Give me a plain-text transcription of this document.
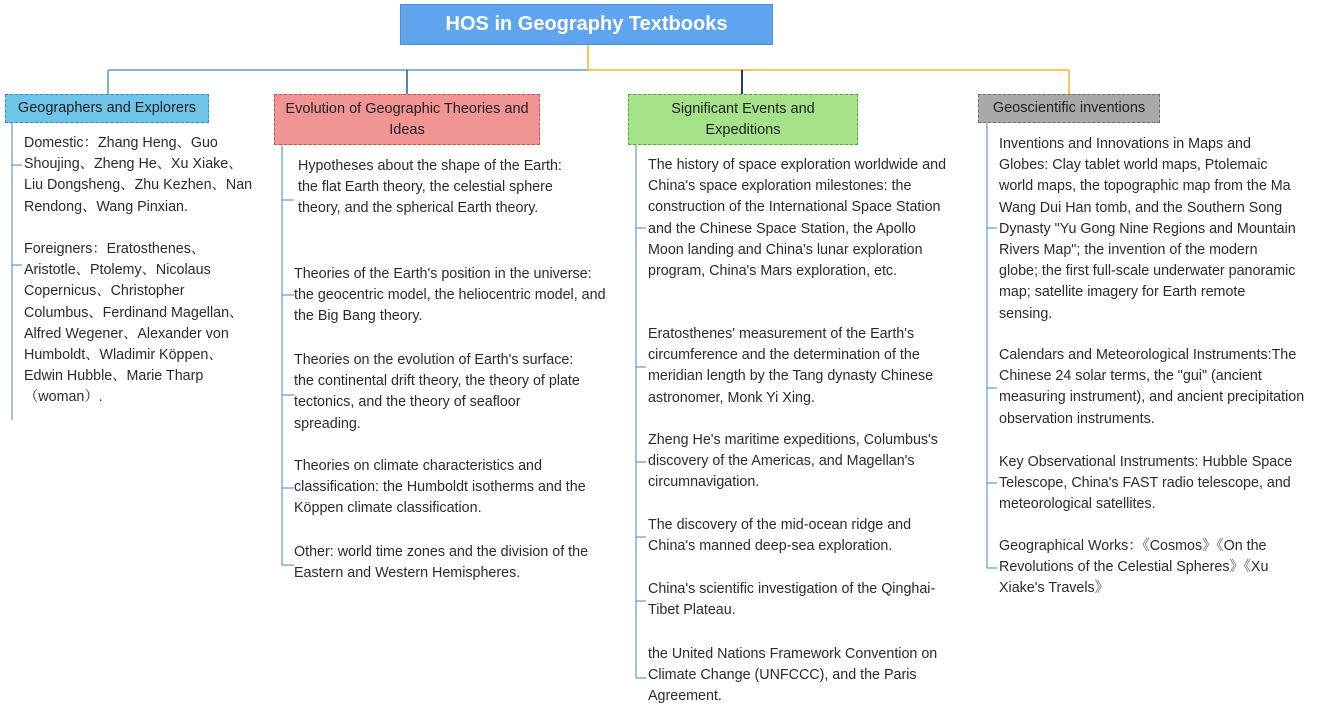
HOS in Geography Textbooks
Geographers and Explorers	Evolution of Geographic Theories and Ideas
Significant Events and Expeditions
Geoscientific inventions

Domestic：Zhang Heng、Guo Shoujing、Zheng He、Xu Xiake、Liu Dongsheng、Zhu Kezhen、Nan Rendong、Wang Pinxian.

Foreigners：Eratosthenes、Aristotle、Ptolemy、Nicolaus Copernicus、Christopher Columbus、Ferdinand Magellan、Alfred Wegener、Alexander von Humboldt、Wladimir Köppen、Edwin Hubble、Marie Tharp（woman）.

Hypotheses about the shape of the Earth: the flat Earth theory, the celestial sphere theory, and the spherical Earth theory.

Theories of the Earth's position in the universe: the geocentric model, the heliocentric model, and the Big Bang theory.

Theories on the evolution of Earth's surface: the continental drift theory, the theory of plate tectonics, and the theory of seafloor spreading.

Theories on climate characteristics and classification: the Humboldt isotherms and the Köppen climate classification.

Other: world time zones and the division of the Eastern and Western Hemispheres.

The history of space exploration worldwide and China's space exploration milestones: the construction of the International Space Station and the Chinese Space Station, the Apollo Moon landing and China's lunar exploration program, China's Mars exploration, etc.

Eratosthenes' measurement of the Earth's circumference and the determination of the meridian length by the Tang dynasty Chinese astronomer, Monk Yi Xing.

Zheng He's maritime expeditions, Columbus's discovery of the Americas, and Magellan's circumnavigation.

The discovery of the mid-ocean ridge and China's manned deep-sea exploration.

China's scientific investigation of the Qinghai-Tibet Plateau.

the United Nations Framework Convention on Climate Change (UNFCCC), and the Paris Agreement.

Inventions and Innovations in Maps and Globes: Clay tablet world maps, Ptolemaic world maps, the topographic map from the Ma Wang Dui Han tomb, and the Southern Song Dynasty "Yu Gong Nine Regions and Mountain Rivers Map"; the invention of the modern globe; the first full-scale underwater panoramic map; satellite imagery for Earth remote sensing.

Calendars and Meteorological Instruments:The Chinese 24 solar terms, the "gui" (ancient measuring instrument), and ancient precipitation observation instruments.

Key Observational Instruments: Hubble Space Telescope, China's FAST radio telescope, and meteorological satellites.

Geographical Works：《Cosmos》《On the Revolutions of the Celestial Spheres》《Xu Xiake's Travels》
